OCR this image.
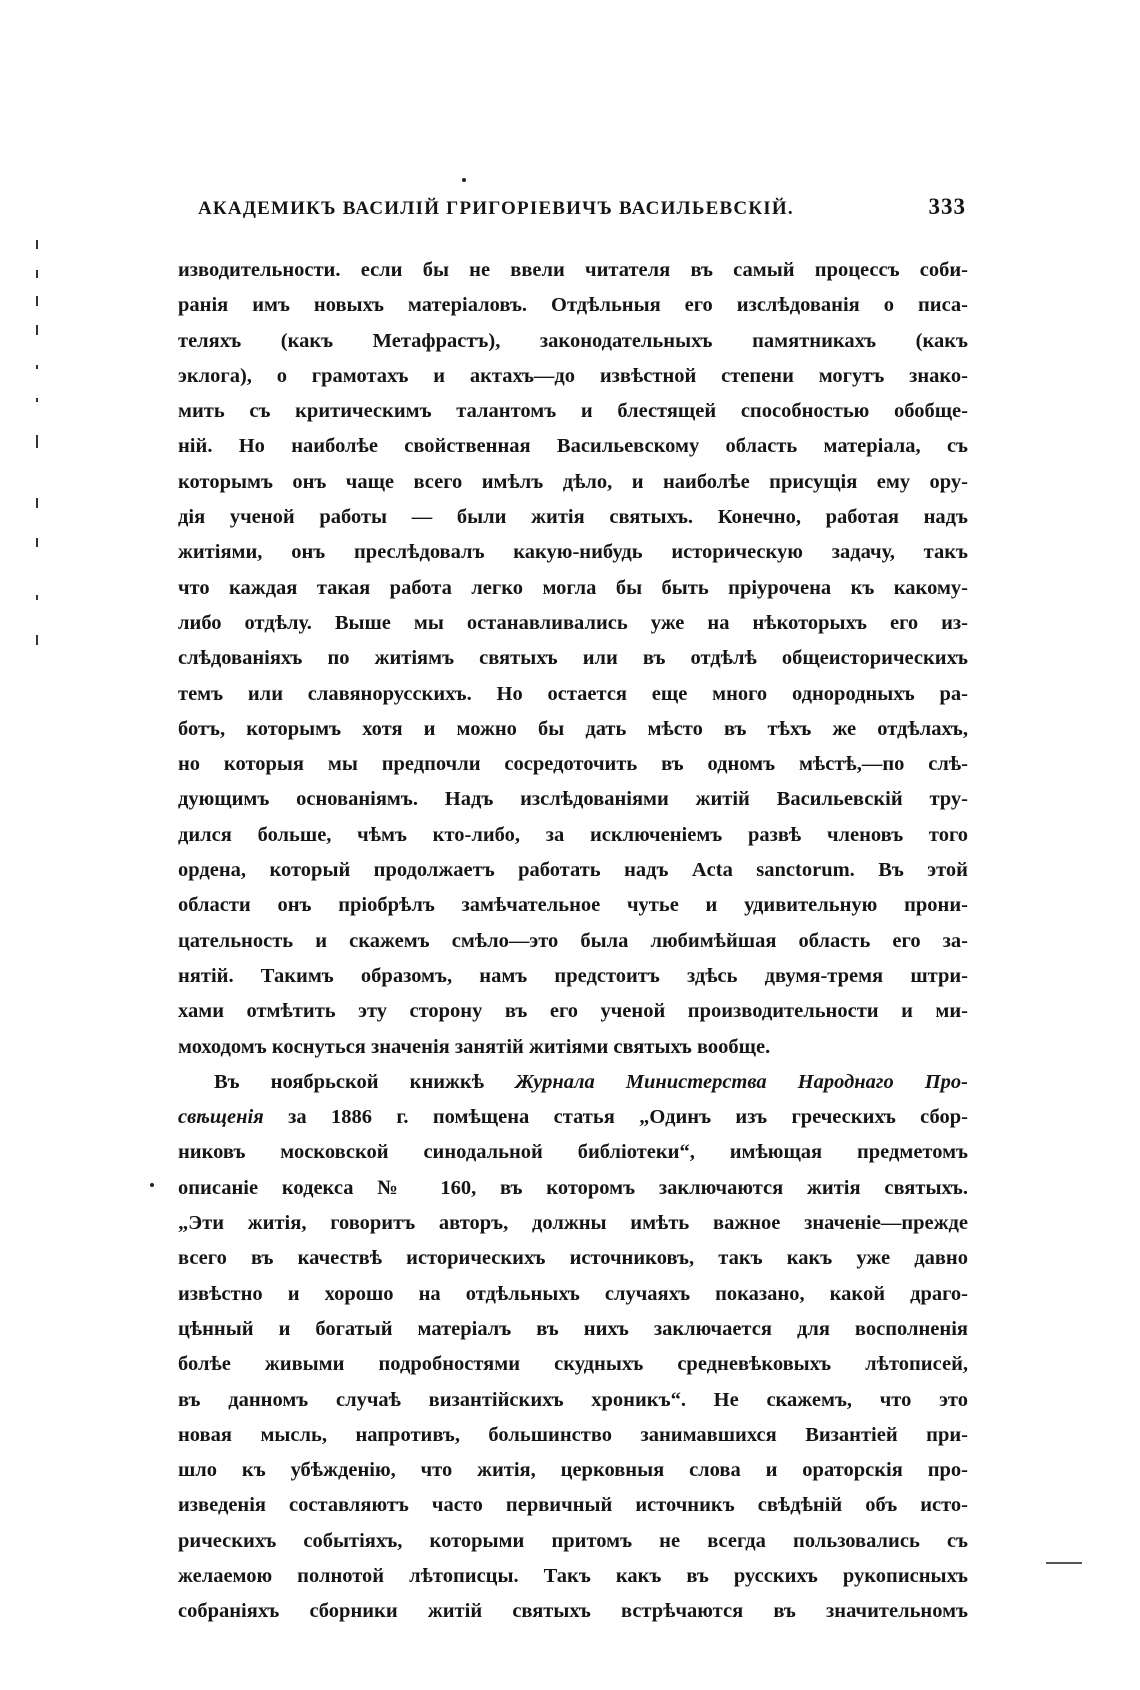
АКАДЕМИКЪ ВАСИЛІЙ ГРИГОРІЕВИЧЪ ВАСИЛЬЕВСКІЙ.	333
изводительности. если бы не ввели читателя въ самый процессъ соби-
ранія имъ новыхъ матеріаловъ. Отдѣльныя его изслѣдованія о писа-
теляхъ (какъ Метафрастъ), законодательныхъ памятникахъ (какъ
эклога), о грамотахъ и актахъ—до извѣстной степени могутъ знако-
мить съ критическимъ талантомъ и блестящей способностью обобще-
ній. Но наиболѣе свойственная Васильевскому область матеріала, съ
которымъ онъ чаще всего имѣлъ дѣло, и наиболѣе присущія ему ору-
дія ученой работы — были житія святыхъ. Конечно, работая надъ
житіями, онъ преслѣдовалъ какую-нибудь историческую задачу, такъ
что каждая такая работа легко могла бы быть пріурочена къ какому-
либо отдѣлу. Выше мы останавливались уже на нѣкоторыхъ его из-
слѣдованіяхъ по житіямъ святыхъ или въ отдѣлѣ общеисторическихъ
темъ или славянорусскихъ. Но остается еще много однородныхъ ра-
ботъ, которымъ хотя и можно бы дать мѣсто въ тѣхъ же отдѣлахъ,
но которыя мы предпочли сосредоточить въ одномъ мѣстѣ,—по слѣ-
дующимъ основаніямъ. Надъ изслѣдованіями житій Васильевскій тру-
дился больше, чѣмъ кто-либо, за исключеніемъ развѣ членовъ того
ордена, который продолжаетъ работать надъ Acta sanctorum. Въ этой
области онъ пріобрѣлъ замѣчательное чутье и удивительную прони-
цательность и скажемъ смѣло—это была любимѣйшая область его за-
нятій. Такимъ образомъ, намъ предстоитъ здѣсь двумя-тремя штри-
хами отмѣтить эту сторону въ его ученой производительности и ми-
моходомъ коснуться значенія занятій житіями святыхъ вообще.
Въ ноябрьской книжкѣ Журнала Министерства Народнаго Про-
свѣщенія за 1886 г. помѣщена статья „Одинъ изъ греческихъ сбор-
никовъ московской синодальной библіотеки“, имѣющая предметомъ
описаніе кодекса № 160, въ которомъ заключаются житія святыхъ.
„Эти житія, говоритъ авторъ, должны имѣть важное значеніе—прежде
всего въ качествѣ историческихъ источниковъ, такъ какъ уже давно
извѣстно и хорошо на отдѣльныхъ случаяхъ показано, какой драго-
цѣнный и богатый матеріалъ въ нихъ заключается для восполненія
болѣе живыми подробностями скудныхъ средневѣковыхъ лѣтописей,
въ данномъ случаѣ византійскихъ хроникъ“. Не скажемъ, что это
новая мысль, напротивъ, большинство занимавшихся Византіей при-
шло къ убѣжденію, что житія, церковныя слова и ораторскія про-
изведенія составляютъ часто первичный источникъ свѣдѣній объ исто-
рическихъ событіяхъ, которыми притомъ не всегда пользовались съ
желаемою полнотой лѣтописцы. Такъ какъ въ русскихъ рукописныхъ
собраніяхъ сборники житій святыхъ встрѣчаются въ значительномъ
